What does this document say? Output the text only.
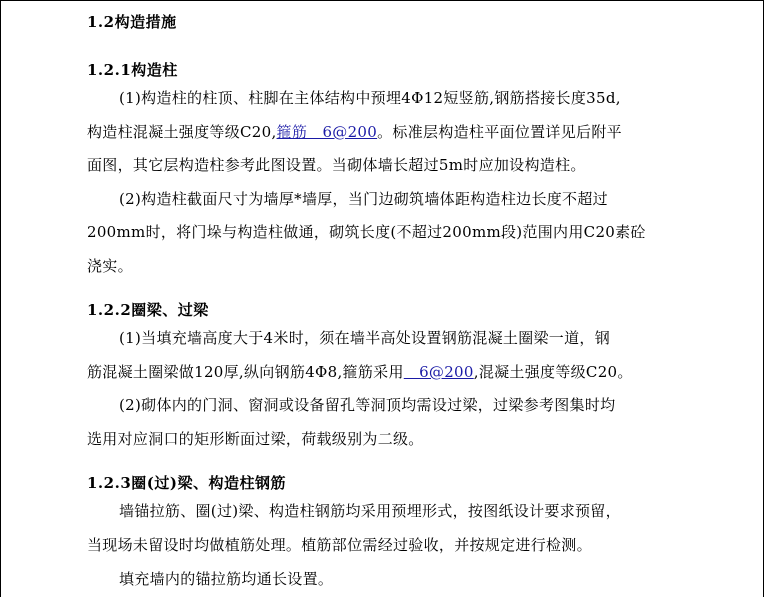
1.2构造措施
1.2.1构造柱
(1)构造柱的柱顶、柱脚在主体结构中预埋4Φ12短竖筋,钢筋搭接长度35d,
构造柱混凝土强度等级C20,箍筋　6@200。标准层构造柱平面位置详见后附平
面图，其它层构造柱参考此图设置。当砌体墙长超过5m时应加设构造柱。
(2)构造柱截面尺寸为墙厚*墙厚，当门边砌筑墙体距构造柱边长度不超过
200mm时，将门垛与构造柱做通，砌筑长度(不超过200mm段)范围内用C20素砼
浇实。
1.2.2圈梁、过梁
(1)当填充墙高度大于4米时，须在墙半高处设置钢筋混凝土圈梁一道，钢
筋混凝土圈梁做120厚,纵向钢筋4Φ8,箍筋采用　6@200,混凝土强度等级C20。
(2)砌体内的门洞、窗洞或设备留孔等洞顶均需设过梁，过梁参考图集时均
选用对应洞口的矩形断面过梁，荷载级别为二级。
1.2.3圈(过)梁、构造柱钢筋
墙锚拉筋、圈(过)梁、构造柱钢筋均采用预埋形式，按图纸设计要求预留，
当现场未留设时均做植筋处理。植筋部位需经过验收，并按规定进行检测。
填充墙内的锚拉筋均通长设置。
